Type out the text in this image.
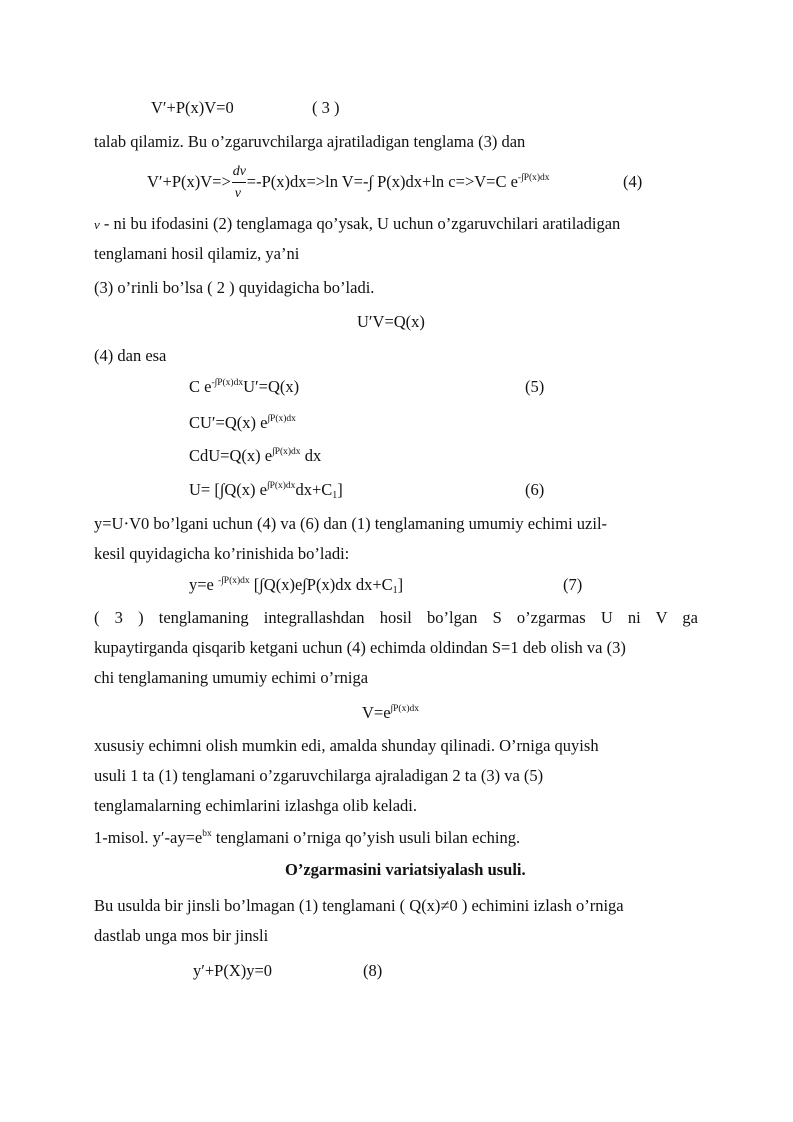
V′+P(x)V=0	( 3 )
talab qilamiz. Bu o’zgaruvchilarga ajratiladigan tenglama (3) dan
$V'+P(x)V=> \frac{dv}{v} =-P(x)dx=>\ln$ V=-∫ P(x)dx+ln c=>V=C $e^{-\int P(x)dx}$	(4)
v - ni bu ifodasini (2) tenglamaga qo’ysak, U uchun o’zgaruvchilari aratiladigan
tenglamani hosil qilamiz, ya’ni
(3) o’rinli bo’lsa ( 2 ) quyidagicha bo’ladi.
U′V=Q(x)
(4) dan esa
C $e^{-\int P(x)dx}U'=Q(x)$	(5)
CU′=Q(x) $e^{\int P(x)dx}$
CdU=Q(x) $e^{\int P(x)dx}$ dx
U= [∫Q(x) $e^{\int P(x)dx}dx+C_1$]	(6)
y=U⋅V0 bo’lgani uchun (4) va (6) dan (1) tenglamaning umumiy echimi uzil-
kesil quyidagicha ko’rinishida bo’ladi:
y=e $^{-\int P(x)dx}$ [∫Q(x)e∫P(x)dx $dx+C_1$]	(7)
( 3 ) tenglamaning integrallashdan hosil bo’lgan S o’zgarmas U ni V ga
kupaytirganda qisqarib ketgani uchun (4) echimda oldindan S=1 deb olish va (3)
chi tenglamaning umumiy echimi o’rniga
$V=e^{\int P(x)dx}$
xususiy echimni olish mumkin edi, amalda shunday qilinadi. O’rniga quyish
usuli 1 ta (1) tenglamani o’zgaruvchilarga ajraladigan 2 ta (3) va (5)
tenglamalarning echimlarini izlashga olib keladi.
1-misol. $y'-ay=e^{bx}$ tenglamani o’rniga qo’yish usuli bilan eching.
O’zgarmasini variatsiyalash usuli.
Bu usulda bir jinsli bo’lmagan (1) tenglamani ( Q(x)≠0 ) echimini izlash o’rniga
dastlab unga mos bir jinsli
y′+P(X)y=0	(8)
